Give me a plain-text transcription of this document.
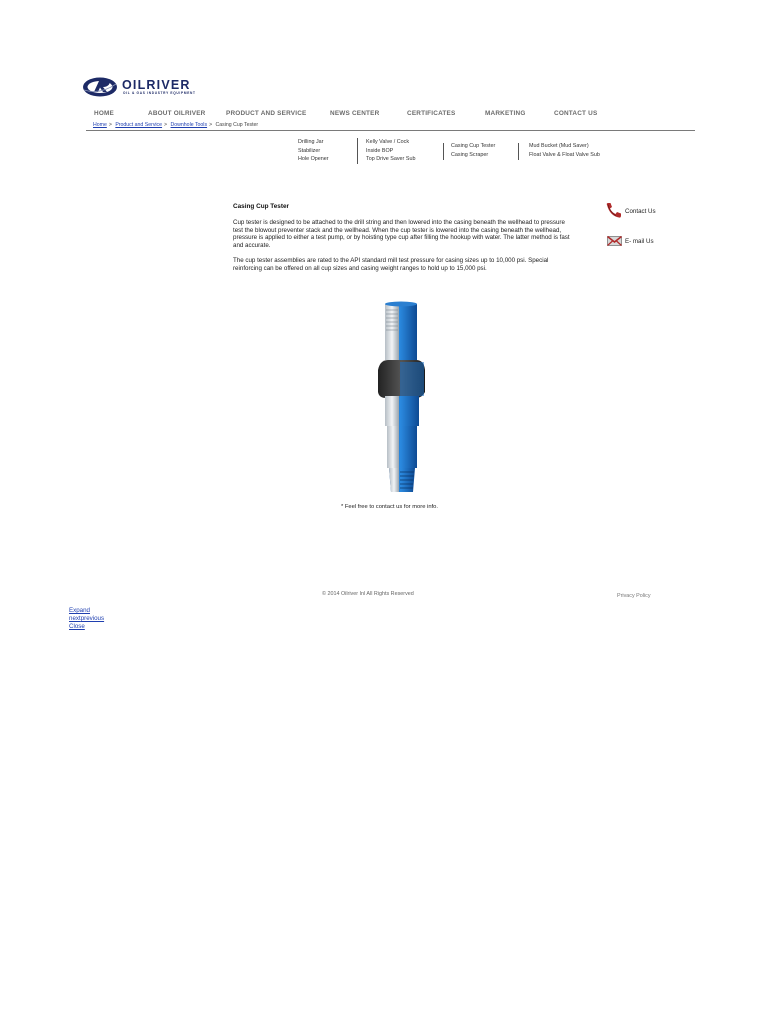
OILRIVER
OIL & GAS INDUSTRY EQUIPMENT
HOME	ABOUT OILRIVER	PRODUCT AND SERVICE	NEWS CENTER	CERTIFICATES	MARKETING	CONTACT US
Home > Product and Service > Downhole Tools > Casing Cup Tester
Drilling Jar
Stabilizer
Hole Opener
Kelly Valve / Cock
Inside BOP
Top Drive Saver Sub
Casing Cup Tester
Casing Scraper
Mud Bucket (Mud Saver)
Float Valve & Float Valve Sub
Casing Cup Tester
Cup tester is designed to be attached to the drill string and then lowered into the casing beneath the wellhead to pressure test the blowout preventer stack and the wellhead. When the cup tester is lowered into the casing beneath the wellhead, pressure is applied to either a test pump, or by hoisting type cup after filling the hookup with water. The latter method is fast and accurate.
The cup tester assemblies are rated to the API standard mill test pressure for casing sizes up to 10,000 psi. Special reinforcing can be offered on all cup sizes and casing weight ranges to hold up to 15,000 psi.
Contact Us
E- mail Us
* Feel free to contact us for more info.
© 2014 Oilriver Inl All Rights Reserved	Privacy Policy
Expand
nextprevious
Close
